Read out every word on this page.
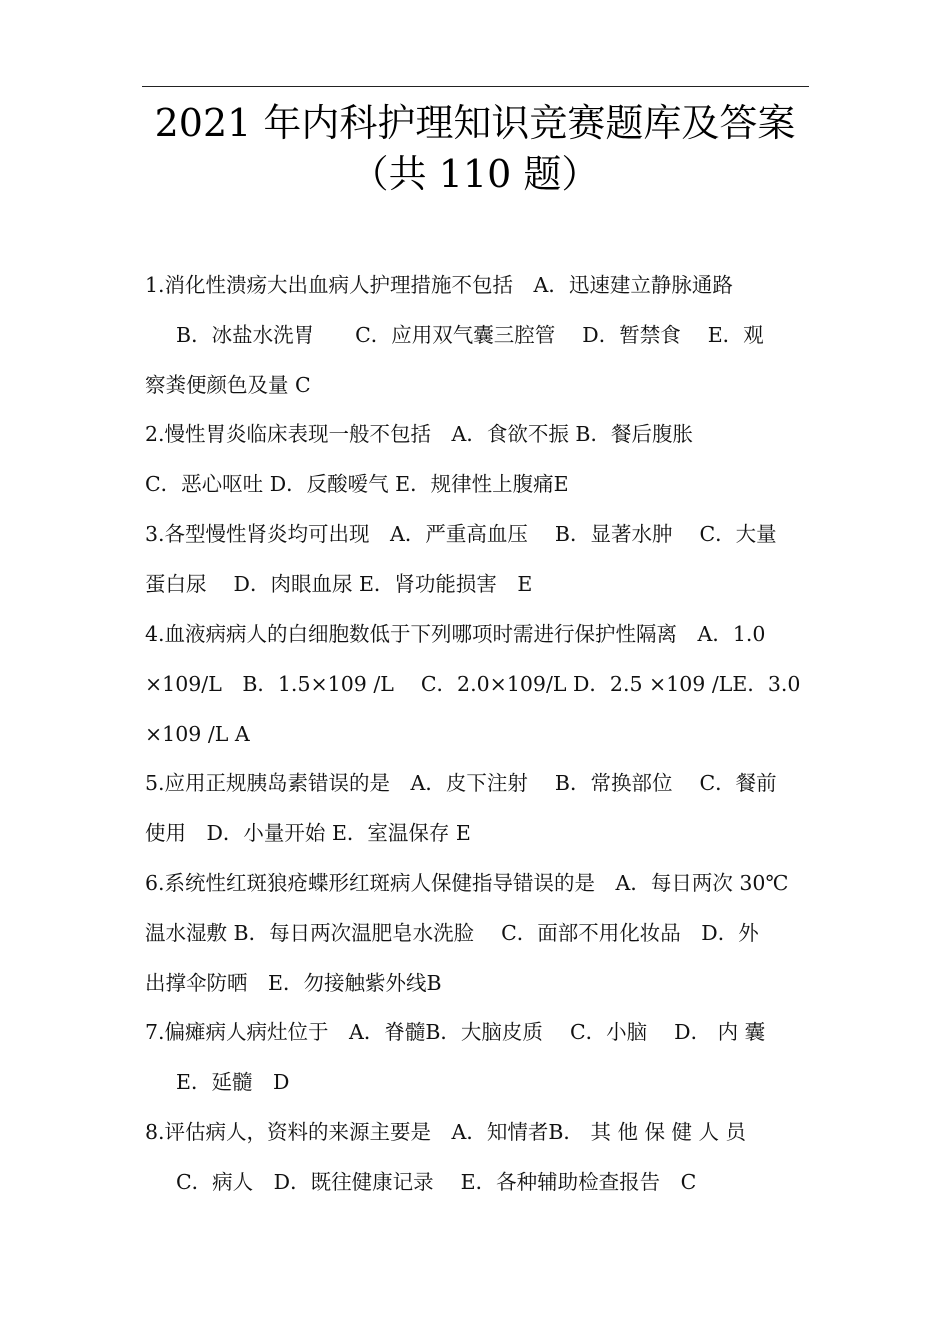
2021 年内科护理知识竞赛题库及答案
（共 110 题）
1.消化性溃疡大出血病人护理措施不包括　A．迅速建立静脉通路
B．冰盐水洗胃　　C．应用双气囊三腔管　 D．暂禁食　 E．观
察粪便颜色及量 C
2.慢性胃炎临床表现一般不包括　A．食欲不振 B．餐后腹胀
C．恶心呕吐 D．反酸嗳气 E．规律性上腹痛E
3.各型慢性肾炎均可出现　A．严重高血压　 B．显著水肿　 C．大量
蛋白尿　 D．肉眼血尿 E．肾功能损害　E
4.血液病病人的白细胞数低于下列哪项时需进行保护性隔离　A．1.0
×109/L　B．1.5×109 /L　 C．2.0×109/L D．2.5 ×109 /LE．3.0
×109 /L A
5.应用正规胰岛素错误的是　A．皮下注射　 B．常换部位　 C．餐前
使用　D．小量开始 E．室温保存 E
6.系统性红斑狼疮蝶形红斑病人保健指导错误的是　A．每日两次 30℃
温水湿敷 B．每日两次温肥皂水洗脸　 C．面部不用化妆品　D．外
出撑伞防晒　E．勿接触紫外线B
7.偏瘫病人病灶位于　A．脊髓B．大脑皮质　 C．小脑　 D． 内 囊
E．延髓　D
8.评估病人，资料的来源主要是　A．知情者B． 其 他 保 健 人 员
C．病人　D．既往健康记录　 E．各种辅助检查报告　C
